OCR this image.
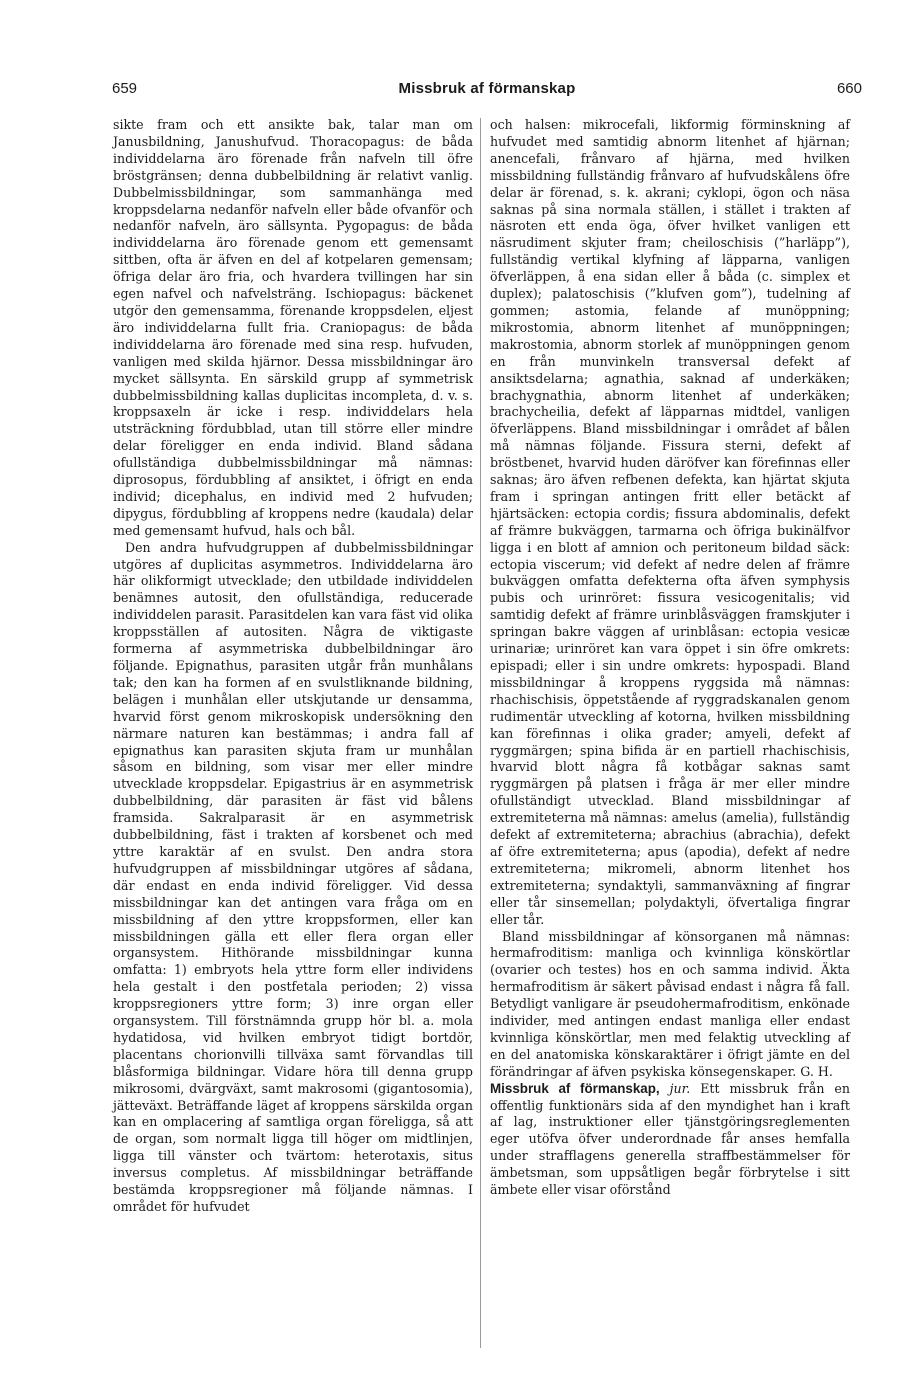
659	Missbruk af förmanskap	660

sikte fram och ett ansikte bak, talar man om Janusbildning, Janushufvud. Thoracopagus: de båda individdelarna äro förenade från nafveln till öfre bröstgränsen; denna dubbelbildning är relativt vanlig. Dubbelmissbildningar, som sammanhänga med kroppsdelarna nedanför nafveln eller både ofvanför och nedanför nafveln, äro sällsynta. Pygopagus: de båda individdelarna äro förenade genom ett gemensamt sittben, ofta är äfven en del af kotpelaren gemensam; öfriga delar äro fria, och hvardera tvillingen har sin egen nafvel och nafvelsträng. Ischiopagus: bäckenet utgör den gemensamma, förenande kroppsdelen, eljest äro individdelarna fullt fria. Craniopagus: de båda individdelarna äro förenade med sina resp. hufvuden, vanligen med skilda hjärnor. Dessa missbildningar äro mycket sällsynta. En särskild grupp af symmetrisk dubbelmissbildning kallas duplicitas incompleta, d. v. s. kroppsaxeln är icke i resp. individdelars hela utsträckning fördubblad, utan till större eller mindre delar föreligger en enda individ. Bland sådana ofullständiga dubbelmissbildningar må nämnas: diprosopus, fördubbling af ansiktet, i öfrigt en enda individ; dicephalus, en individ med 2 hufvuden; dipygus, fördubbling af kroppens nedre (kaudala) delar med gemensamt hufvud, hals och bål.

Den andra hufvudgruppen af dubbelmissbildningar utgöres af duplicitas asymmetros. Individdelarna äro här olikformigt utvecklade; den utbildade individdelen benämnes autosit, den ofullständiga, reducerade individdelen parasit. Parasitdelen kan vara fäst vid olika kroppsställen af autositen. Några de viktigaste formerna af asymmetriska dubbelbildningar äro följande. Epignathus, parasiten utgår från munhålans tak; den kan ha formen af en svulstliknande bildning, belägen i munhålan eller utskjutande ur densamma, hvarvid först genom mikroskopisk undersökning den närmare naturen kan bestämmas; i andra fall af epignathus kan parasiten skjuta fram ur munhålan såsom en bildning, som visar mer eller mindre utvecklade kroppsdelar. Epigastrius är en asymmetrisk dubbelbildning, där parasiten är fäst vid bålens framsida. Sakralparasit är en asymmetrisk dubbelbildning, fäst i trakten af korsbenet och med yttre karaktär af en svulst. Den andra stora hufvudgruppen af missbildningar utgöres af sådana, där endast en enda individ föreligger. Vid dessa missbildningar kan det antingen vara fråga om en missbildning af den yttre kroppsformen, eller kan missbildningen gälla ett eller flera organ eller organsystem. Hithörande missbildningar kunna omfatta: 1) embryots hela yttre form eller individens hela gestalt i den postfetala perioden; 2) vissa kroppsregioners yttre form; 3) inre organ eller organsystem. Till förstnämnda grupp hör bl. a. mola hydatidosa, vid hvilken embryot tidigt bortdör, placentans chorionvilli tillväxa samt förvandlas till blåsformiga bildningar. Vidare höra till denna grupp mikrosomi, dvärgväxt, samt makrosomi (gigantosomia), jätteväxt. Beträffande läget af kroppens särskilda organ kan en omplacering af samtliga organ föreligga, så att de organ, som normalt ligga till höger om midtlinjen, ligga till vänster och tvärtom: heterotaxis, situs inversus completus. Af missbildningar beträffande bestämda kroppsregioner må följande nämnas. I området för hufvudet

och halsen: mikrocefali, likformig förminskning af hufvudet med samtidig abnorm litenhet af hjärnan; anencefali, frånvaro af hjärna, med hvilken missbildning fullständig frånvaro af hufvudskålens öfre delar är förenad, s. k. akrani; cyklopi, ögon och näsa saknas på sina normala ställen, i stället i trakten af näsroten ett enda öga, öfver hvilket vanligen ett näsrudiment skjuter fram; cheiloschisis (”harläpp”), fullständig vertikal klyfning af läpparna, vanligen öfverläppen, å ena sidan eller å båda (c. simplex et duplex); palatoschisis (”klufven gom”), tudelning af gommen; astomia, felande af munöppning; mikrostomia, abnorm litenhet af munöppningen; makrostomia, abnorm storlek af munöppningen genom en från munvinkeln transversal defekt af ansiktsdelarna; agnathia, saknad af underkäken; brachygnathia, abnorm litenhet af underkäken; brachycheilia, defekt af läpparnas midtdel, vanligen öfverläppens. Bland missbildningar i området af bålen må nämnas följande. Fissura sterni, defekt af bröstbenet, hvarvid huden däröfver kan förefinnas eller saknas; äro äfven refbenen defekta, kan hjärtat skjuta fram i springan antingen fritt eller betäckt af hjärtsäcken: ectopia cordis; fissura abdominalis, defekt af främre bukväggen, tarmarna och öfriga bukinälfvor ligga i en blott af amnion och peritoneum bildad säck: ectopia viscerum; vid defekt af nedre delen af främre bukväggen omfatta defekterna ofta äfven symphysis pubis och urinröret: fissura vesicogenitalis; vid samtidig defekt af främre urinblåsväggen framskjuter i springan bakre väggen af urinblåsan: ectopia vesicæ urinariæ; urinröret kan vara öppet i sin öfre omkrets: epispadi; eller i sin undre omkrets: hypospadi. Bland missbildningar å kroppens ryggsida må nämnas: rhachischisis, öppetstående af ryggradskanalen genom rudimentär utveckling af kotorna, hvilken missbildning kan förefinnas i olika grader; amyeli, defekt af ryggmärgen; spina bifida är en partiell rhachischisis, hvarvid blott några få kotbågar saknas samt ryggmärgen på platsen i fråga är mer eller mindre ofullständigt utvecklad. Bland missbildningar af extremiteterna må nämnas: amelus (amelia), fullständig defekt af extremiteterna; abrachius (abrachia), defekt af öfre extremiteterna; apus (apodia), defekt af nedre extremiteterna; mikromeli, abnorm litenhet hos extremiteterna; syndaktyli, sammanväxning af fingrar eller tår sinsemellan; polydaktyli, öfvertaliga fingrar eller tår.

Bland missbildningar af könsorganen må nämnas: hermafroditism: manliga och kvinnliga könskörtlar (ovarier och testes) hos en och samma individ. Äkta hermafroditism är säkert påvisad endast i några få fall. Betydligt vanligare är pseudohermafroditism, enkönade individer, med antingen endast manliga eller endast kvinnliga könskörtlar, men med felaktig utveckling af en del anatomiska könskaraktärer i öfrigt jämte en del förändringar af äfven psykiska könsegenskaper. G. H.

Missbruk af förmanskap, jur. Ett missbruk från en offentlig funktionärs sida af den myndighet han i kraft af lag, instruktioner eller tjänstgöringsreglementen eger utöfva öfver underordnade får anses hemfalla under strafflagens generella straffbestämmelser för ämbetsman, som uppsåtligen begår förbrytelse i sitt ämbete eller visar oförstånd
